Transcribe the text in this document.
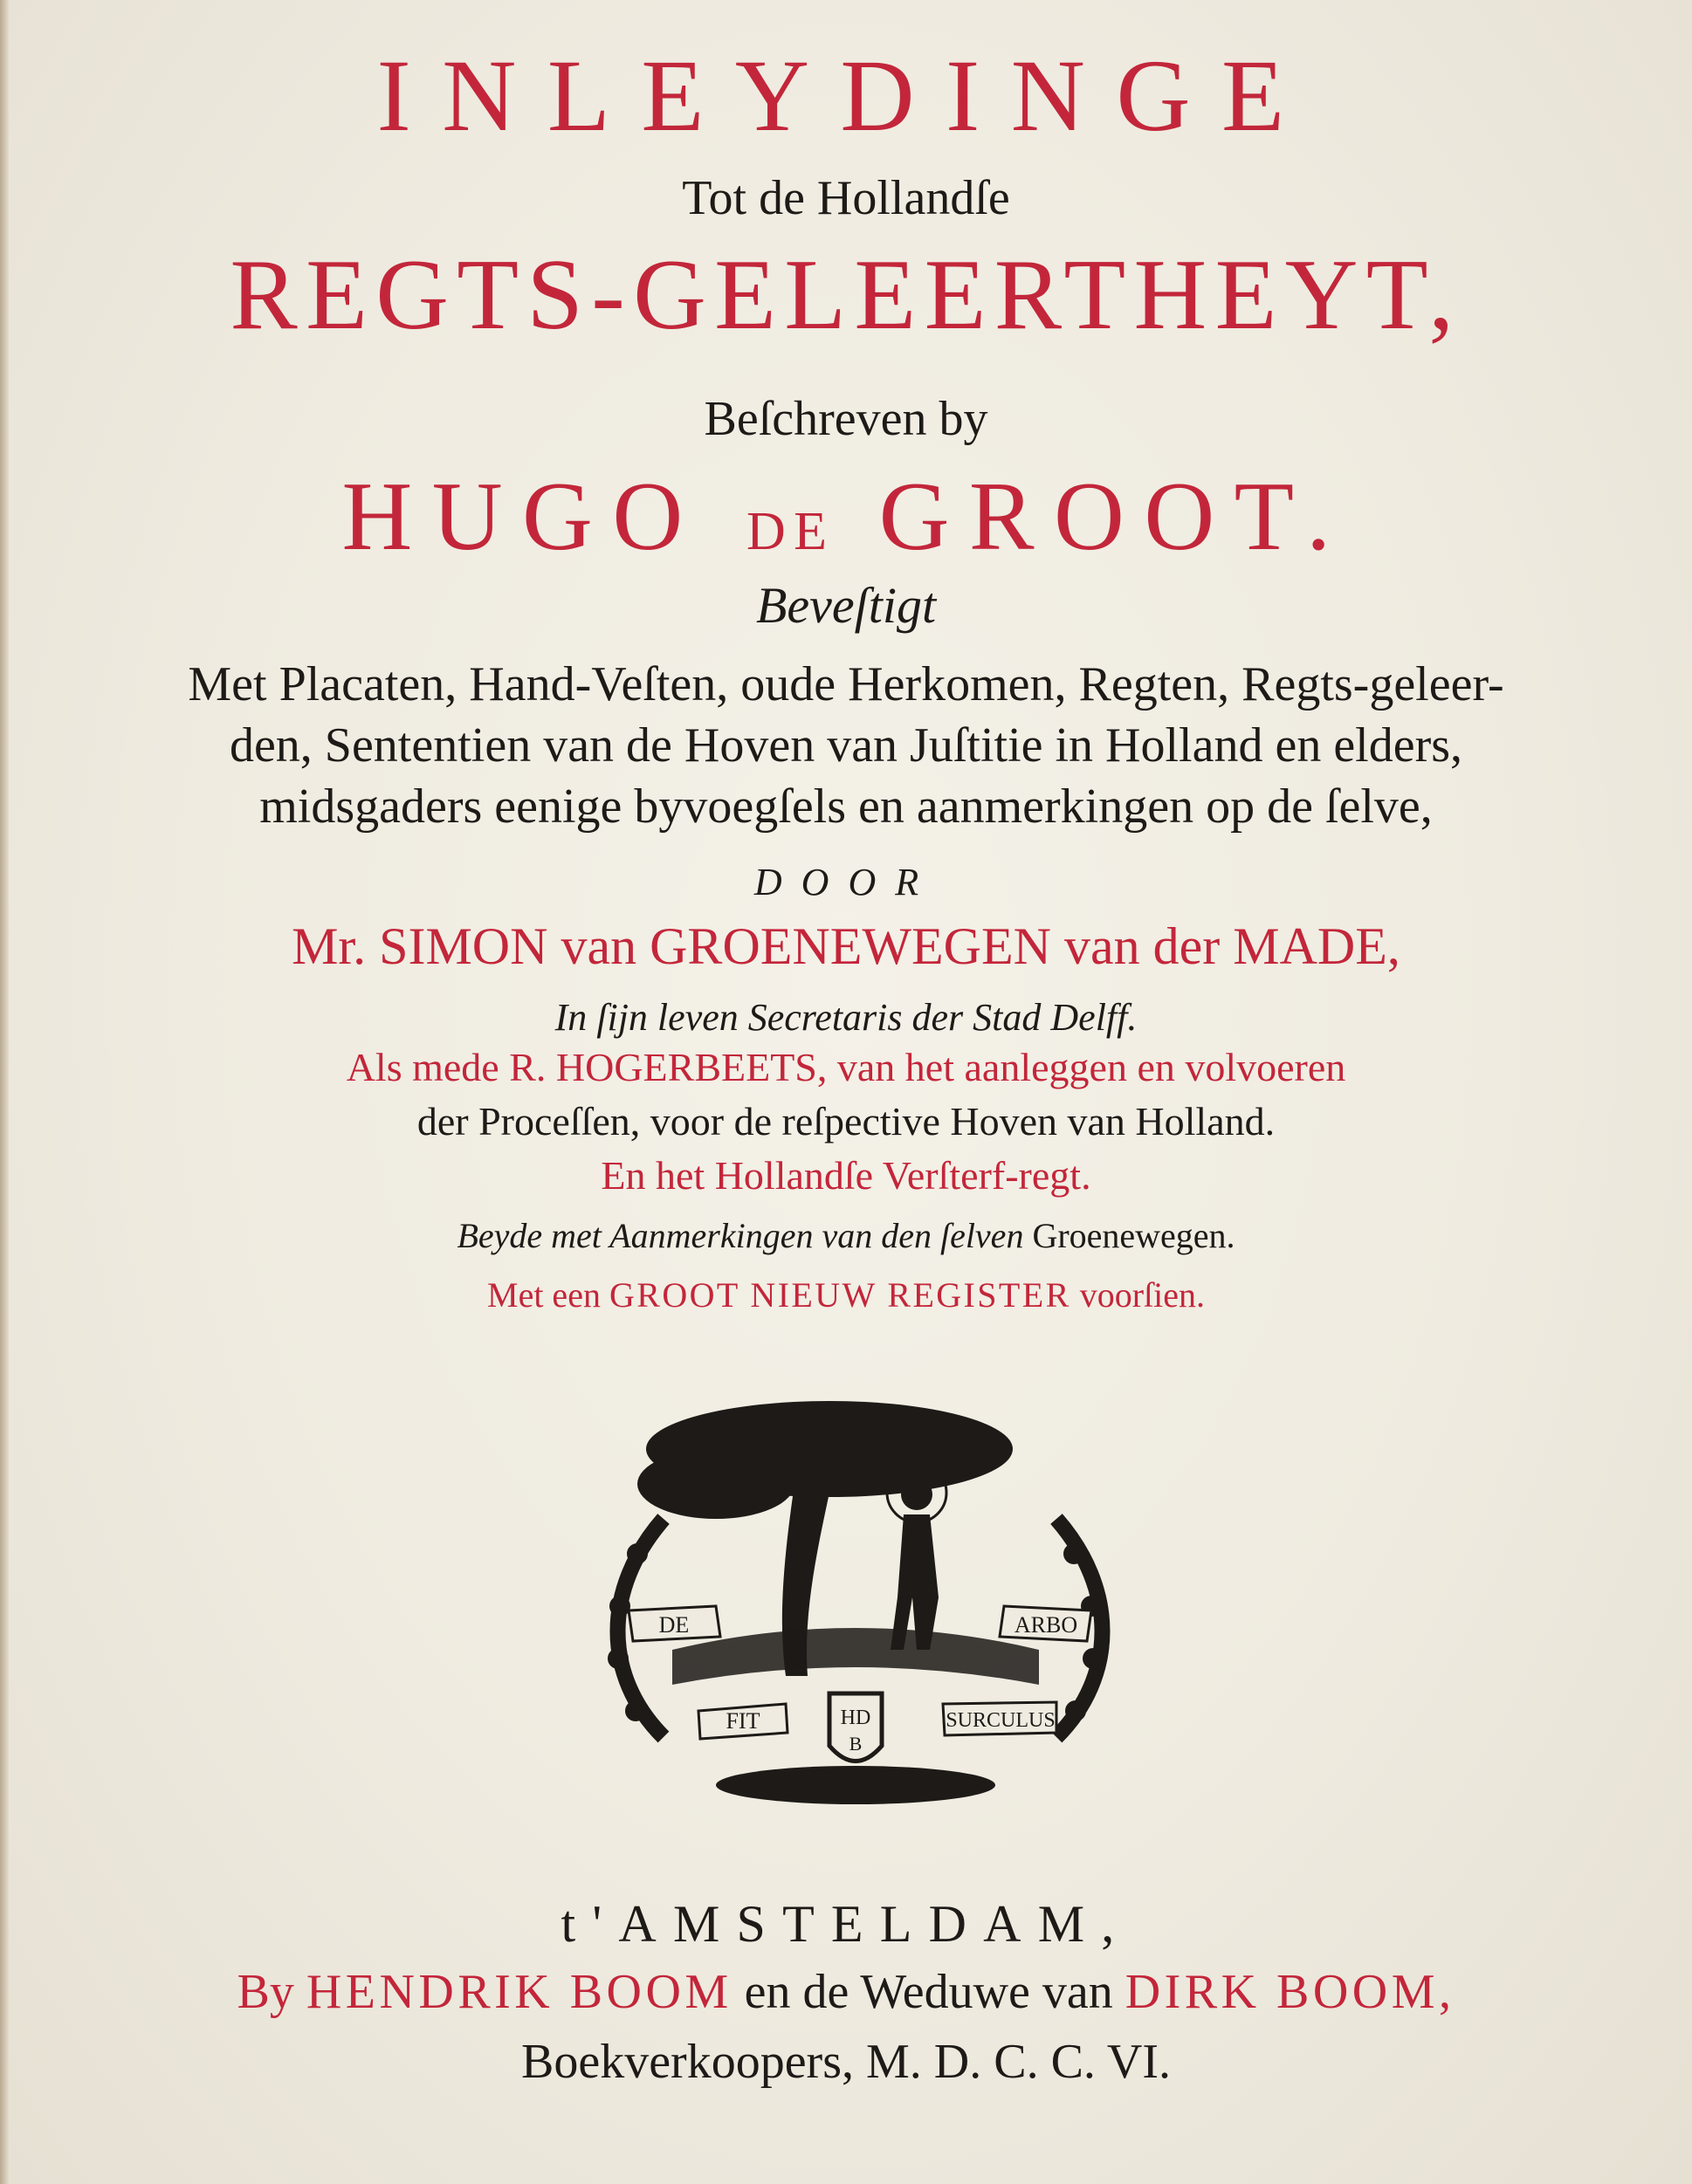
INLEYDINGE
Tot de Hollandſe
REGTS-GELEERTHEYT,
Beſchreven by
HUGO DE GROOT.
Beveſtigt
Met Placaten, Hand-Veſten, oude Herkomen, Regten, Regts-geleer-
den, Sententien van de Hoven van Juſtitie in Holland en elders,
midsgaders eenige byvoegſels en aanmerkingen op de ſelve,
DOOR
Mr. SIMON van GROENEWEGEN van der MADE,
In ſijn leven Secretaris der Stad Delff.
Als mede R. HOGERBEETS, van het aanleggen en volvoeren
der Proceſſen, voor de reſpective Hoven van Holland.
En het Hollandſe Verſterf-regt.
Beyde met Aanmerkingen van den ſelven Groenewegen.
Met een GROOT NIEUW REGISTER voorſien.
DE	ARBO
FIT	SURCULUS
HD
B
t'AMSTELDAM,
By HENDRIK BOOM en de Weduwe van DIRK BOOM,
Boekverkoopers, M. D. C. C. VI.
